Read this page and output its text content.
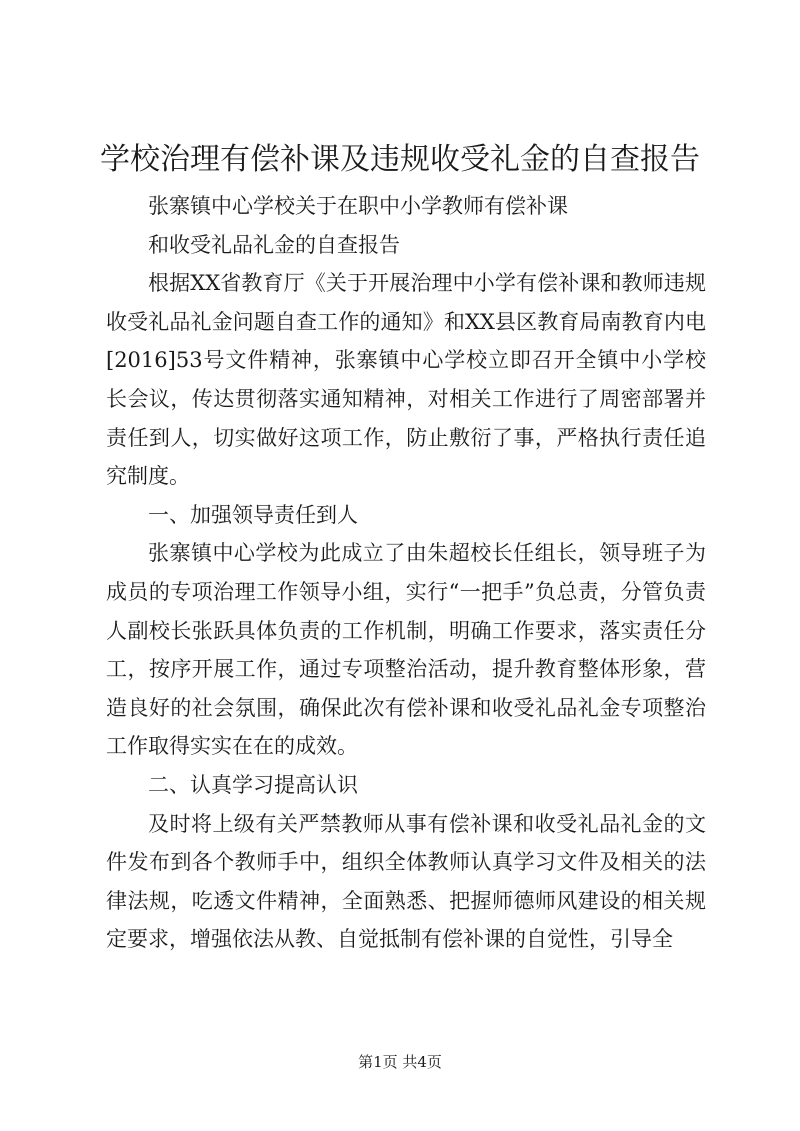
学校治理有偿补课及违规收受礼金的自查报告

张寨镇中心学校关于在职中小学教师有偿补课

和收受礼品礼金的自查报告

根据XX省教育厅《关于开展治理中小学有偿补课和教师违规收受礼品礼金问题自查工作的通知》和XX县区教育局南教育内电[2016]53号文件精神，张寨镇中心学校立即召开全镇中小学校长会议，传达贯彻落实通知精神，对相关工作进行了周密部署并责任到人，切实做好这项工作，防止敷衍了事，严格执行责任追究制度。

一、加强领导责任到人

张寨镇中心学校为此成立了由朱超校长任组长，领导班子为成员的专项治理工作领导小组，实行“一把手”负总责，分管负责人副校长张跃具体负责的工作机制，明确工作要求，落实责任分工，按序开展工作，通过专项整治活动，提升教育整体形象，营造良好的社会氛围，确保此次有偿补课和收受礼品礼金专项整治工作取得实实在在的成效。

二、认真学习提高认识

及时将上级有关严禁教师从事有偿补课和收受礼品礼金的文件发布到各个教师手中，组织全体教师认真学习文件及相关的法律法规，吃透文件精神，全面熟悉、把握师德师风建设的相关规定要求，增强依法从教、自觉抵制有偿补课的自觉性，引导全

第1页 共4页
